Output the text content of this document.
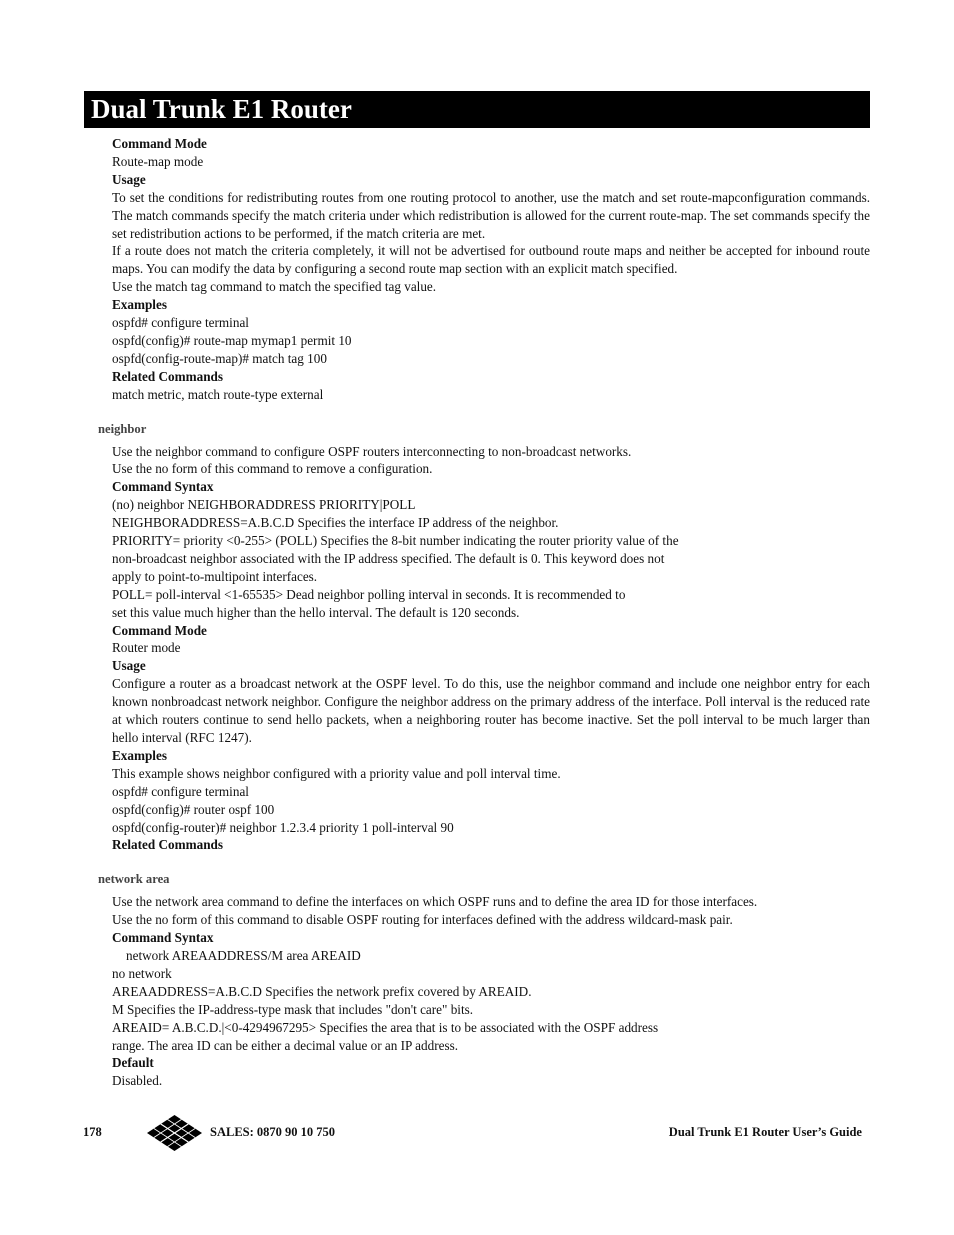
Dual Trunk E1 Router
Command Mode
Route-map mode
Usage
To set the conditions for redistributing routes from one routing protocol to another, use the match and set route-mapconfiguration commands. The match commands specify the match criteria under which redistribution is allowed for the current route-map. The set commands specify the set redistribution actions to be performed, if the match criteria are met.
If a route does not match the criteria completely, it will not be advertised for outbound route maps and neither be accepted for inbound route maps. You can modify the data by configuring a second route map section with an explicit match specified.
Use the match tag command to match the specified tag value.
Examples
ospfd# configure terminal
ospfd(config)# route-map mymap1 permit 10
ospfd(config-route-map)# match tag 100
Related Commands
match metric, match route-type external
neighbor
Use the neighbor command to configure OSPF routers interconnecting to non-broadcast networks.
Use the no form of this command to remove a configuration.
Command Syntax
(no) neighbor NEIGHBORADDRESS PRIORITY|POLL
NEIGHBORADDRESS=A.B.C.D Specifies the interface IP address of the neighbor.
PRIORITY= priority <0-255> (POLL) Specifies the 8-bit number indicating the router priority value of the
non-broadcast neighbor associated with the IP address specified. The default is 0. This keyword does not
apply to point-to-multipoint interfaces.
POLL= poll-interval <1-65535> Dead neighbor polling interval in seconds. It is recommended to
set this value much higher than the hello interval. The default is 120 seconds.
Command Mode
Router mode
Usage
Configure a router as a broadcast network at the OSPF level. To do this, use the neighbor command and include one neighbor entry for each known nonbroadcast network neighbor. Configure the neighbor address on the primary address of the interface. Poll interval is the reduced rate at which routers continue to send hello packets, when a neighboring router has become inactive. Set the poll interval to be much larger than hello interval (RFC 1247).
Examples
This example shows neighbor configured with a priority value and poll interval time.
ospfd# configure terminal
ospfd(config)# router ospf 100
ospfd(config-router)# neighbor 1.2.3.4 priority 1 poll-interval 90
Related Commands
network area
Use the network area command to define the interfaces on which OSPF runs and to define the area ID for those interfaces.
Use the no form of this command to disable OSPF routing for interfaces defined with the address wildcard-mask pair.
Command Syntax
network AREAADDRESS/M area AREAID
no network
AREAADDRESS=A.B.C.D Specifies the network prefix covered by AREAID.
M Specifies the IP-address-type mask that includes "don't care" bits.
AREAID= A.B.C.D.|<0-4294967295> Specifies the area that is to be associated with the OSPF address
range. The area ID can be either a decimal value or an IP address.
Default
Disabled.
178	SALES: 0870 90 10 750	Dual Trunk E1 Router User’s Guide
